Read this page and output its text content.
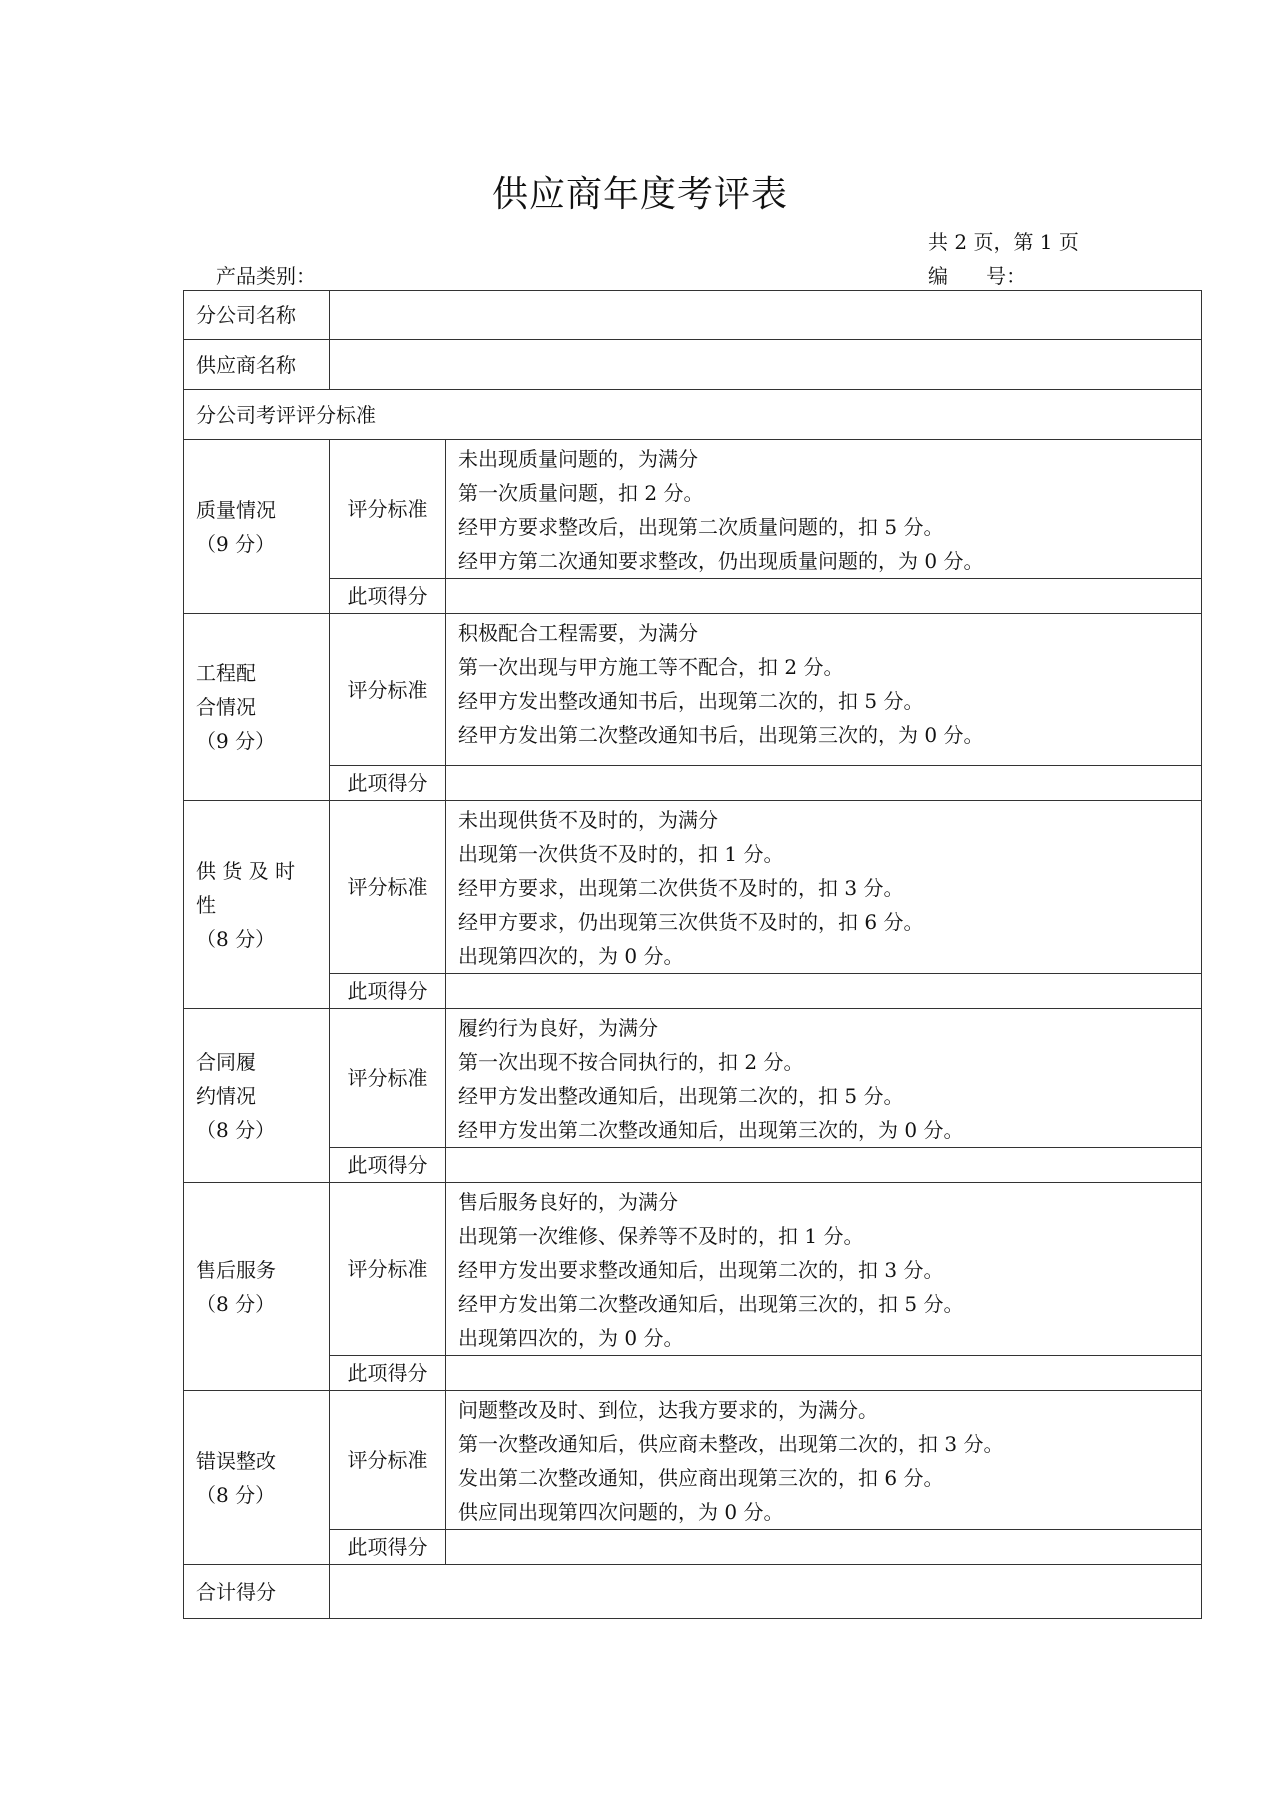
供应商年度考评表
共 2 页，第 1 页
产品类别：	编      号：
分公司名称		
供应商名称		
分公司考评评分标准		

质量情况
（9 分）	评分标准	未出现质量问题的，为满分
第一次质量问题，扣 2 分。
经甲方要求整改后，出现第二次质量问题的，扣 5 分。
经甲方第二次通知要求整改，仍出现质量问题的，为 0 分。

	此项得分	

工程配
合情况
（9 分）	评分标准	积极配合工程需要，为满分
第一次出现与甲方施工等不配合，扣 2 分。
经甲方发出整改通知书后，出现第二次的，扣 5 分。
经甲方发出第二次整改通知书后，出现第三次的，为 0 分。

	此项得分	

供 货 及 时 性
（8 分）	评分标准	未出现供货不及时的，为满分
出现第一次供货不及时的，扣 1 分。
经甲方要求，出现第二次供货不及时的，扣 3 分。
经甲方要求，仍出现第三次供货不及时的，扣 6 分。
出现第四次的，为 0 分。

	此项得分	

合同履
约情况
（8 分）	评分标准	履约行为良好，为满分
第一次出现不按合同执行的，扣 2 分。
经甲方发出整改通知后，出现第二次的，扣 5 分。
经甲方发出第二次整改通知后，出现第三次的，为 0 分。

	此项得分	

售后服务
（8 分）	评分标准	售后服务良好的，为满分
出现第一次维修、保养等不及时的，扣 1 分。
经甲方发出要求整改通知后，出现第二次的，扣 3 分。
经甲方发出第二次整改通知后，出现第三次的，扣 5 分。
出现第四次的，为 0 分。

	此项得分	

错误整改
（8 分）	评分标准	问题整改及时、到位，达我方要求的，为满分。
第一次整改通知后，供应商未整改，出现第二次的，扣 3 分。
发出第二次整改通知，供应商出现第三次的，扣 6 分。
供应同出现第四次问题的，为 0 分。

	此项得分	
合计得分		
